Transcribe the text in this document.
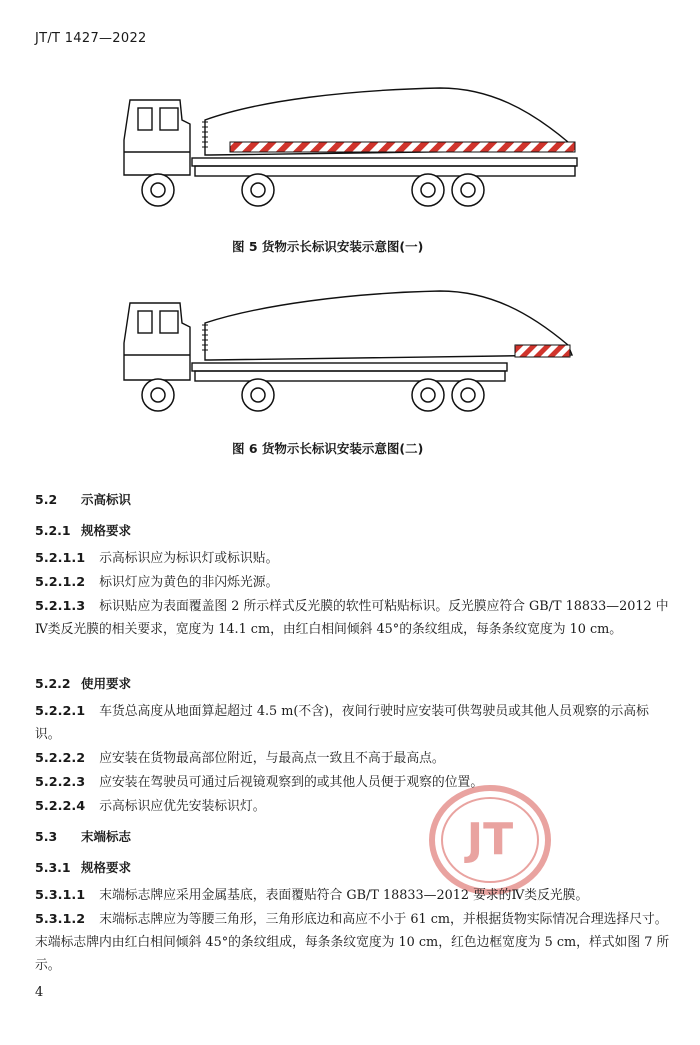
JT/T 1427—2022
图 5 货物示长标识安装示意图(一)
图 6 货物示长标识安装示意图(二)
JT
5.2 示高标识
5.2.1 规格要求
5.2.1.1 示高标识应为标识灯或标识贴。
5.2.1.2 标识灯应为黄色的非闪烁光源。
5.2.1.3 标识贴应为表面覆盖图 2 所示样式反光膜的软性可粘贴标识。反光膜应符合 GB/T 18833—2012 中Ⅳ类反光膜的相关要求，宽度为 14.1 cm，由红白相间倾斜 45°的条纹组成，每条条纹宽度为 10 cm。
5.2.2 使用要求
5.2.2.1 车货总高度从地面算起超过 4.5 m(不含)，夜间行驶时应安装可供驾驶员或其他人员观察的示高标识。
5.2.2.2 应安装在货物最高部位附近，与最高点一致且不高于最高点。
5.2.2.3 应安装在驾驶员可通过后视镜观察到的或其他人员便于观察的位置。
5.2.2.4 示高标识应优先安装标识灯。
5.3 末端标志
5.3.1 规格要求
5.3.1.1 末端标志牌应采用金属基底，表面覆贴符合 GB/T 18833—2012 要求的Ⅳ类反光膜。
5.3.1.2 末端标志牌应为等腰三角形，三角形底边和高应不小于 61 cm，并根据货物实际情况合理选择尺寸。末端标志牌内由红白相间倾斜 45°的条纹组成，每条条纹宽度为 10 cm，红色边框宽度为 5 cm，样式如图 7 所示。
4
